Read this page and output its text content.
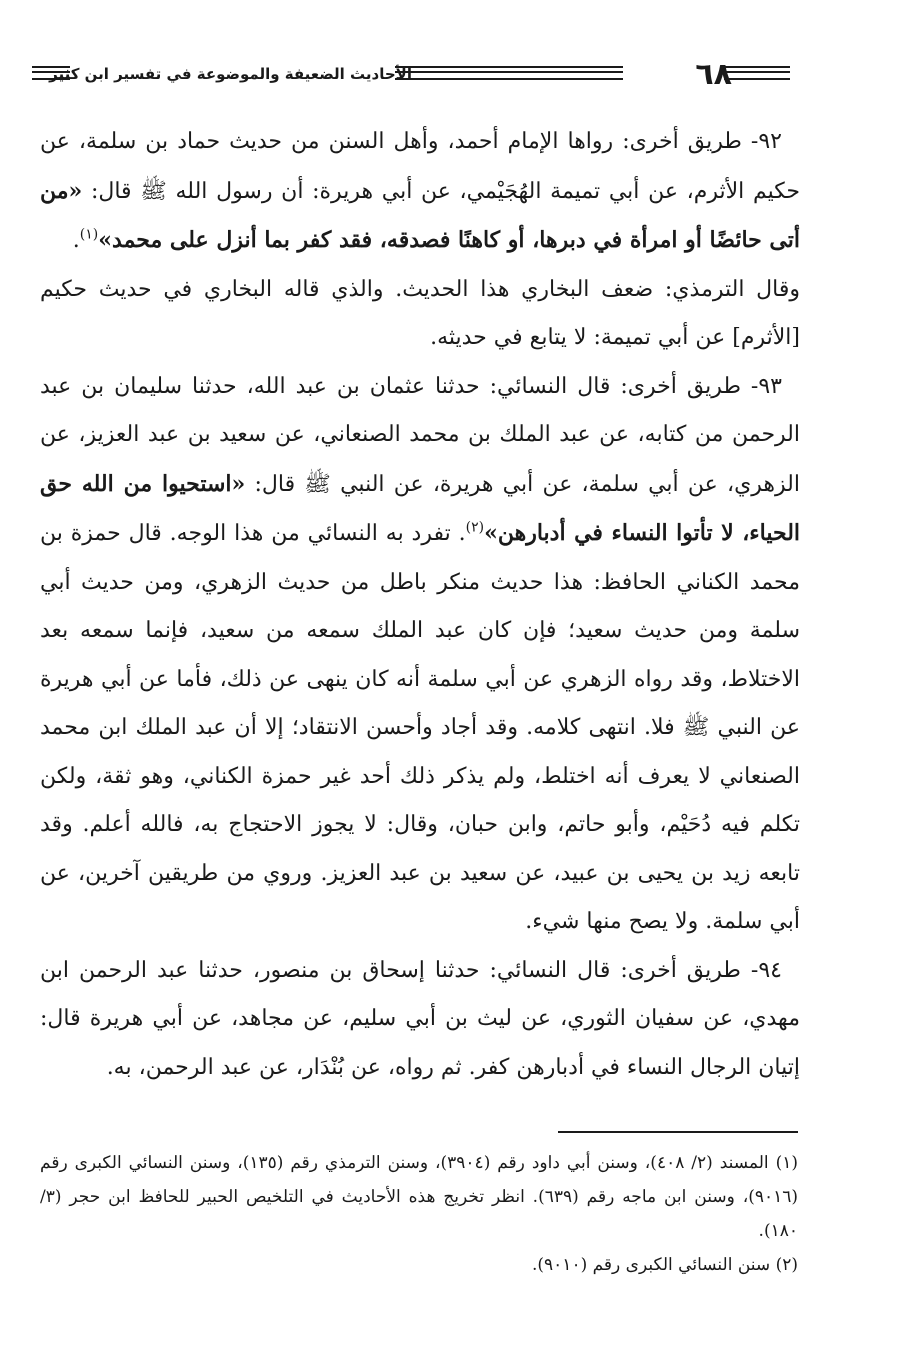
٦٨
الأحاديث الضعيفة والموضوعة في تفسير ابن كثير

٩٢- طريق أخرى: رواها الإمام أحمد، وأهل السنن من حديث حماد بن سلمة، عن حكيم الأثرم، عن أبي تميمة الهُجَيْمي، عن أبي هريرة: أن رسول الله ﷺ قال: «من أتى حائضًا أو امرأة في دبرها، أو كاهنًا فصدقه، فقد كفر بما أنزل على محمد»$^{(١)}$.

وقال الترمذي: ضعف البخاري هذا الحديث. والذي قاله البخاري في حديث حكيم [الأثرم] عن أبي تميمة: لا يتابع في حديثه.

٩٣- طريق أخرى: قال النسائي: حدثنا عثمان بن عبد الله، حدثنا سليمان بن عبد الرحمن من كتابه، عن عبد الملك بن محمد الصنعاني، عن سعيد بن عبد العزيز، عن الزهري، عن أبي سلمة، عن أبي هريرة، عن النبي ﷺ قال: «استحيوا من الله حق الحياء، لا تأتوا النساء في أدبارهن»$^{(٢)}$. تفرد به النسائي من هذا الوجه. قال حمزة بن محمد الكناني الحافظ: هذا حديث منكر باطل من حديث الزهري، ومن حديث أبي سلمة ومن حديث سعيد؛ فإن كان عبد الملك سمعه من سعيد، فإنما سمعه بعد الاختلاط، وقد رواه الزهري عن أبي سلمة أنه كان ينهى عن ذلك، فأما عن أبي هريرة عن النبي ﷺ فلا. انتهى كلامه. وقد أجاد وأحسن الانتقاد؛ إلا أن عبد الملك ابن محمد الصنعاني لا يعرف أنه اختلط، ولم يذكر ذلك أحد غير حمزة الكناني، وهو ثقة، ولكن تكلم فيه دُحَيْم، وأبو حاتم، وابن حبان، وقال: لا يجوز الاحتجاج به، فالله أعلم. وقد تابعه زيد بن يحيى بن عبيد، عن سعيد بن عبد العزيز. وروي من طريقين آخرين، عن أبي سلمة. ولا يصح منها شيء.

٩٤- طريق أخرى: قال النسائي: حدثنا إسحاق بن منصور، حدثنا عبد الرحمن ابن مهدي، عن سفيان الثوري، عن ليث بن أبي سليم، عن مجاهد، عن أبي هريرة قال: إتيان الرجال النساء في أدبارهن كفر. ثم رواه، عن بُنْدَار، عن عبد الرحمن، به.

(١) المسند (٢/ ٤٠٨)، وسنن أبي داود رقم (٣٩٠٤)، وسنن الترمذي رقم (١٣٥)، وسنن النسائي الكبرى رقم (٩٠١٦)، وسنن ابن ماجه رقم (٦٣٩). انظر تخريج هذه الأحاديث في التلخيص الحبير للحافظ ابن حجر (٣/ ١٨٠).

(٢) سنن النسائي الكبرى رقم (٩٠١٠).
